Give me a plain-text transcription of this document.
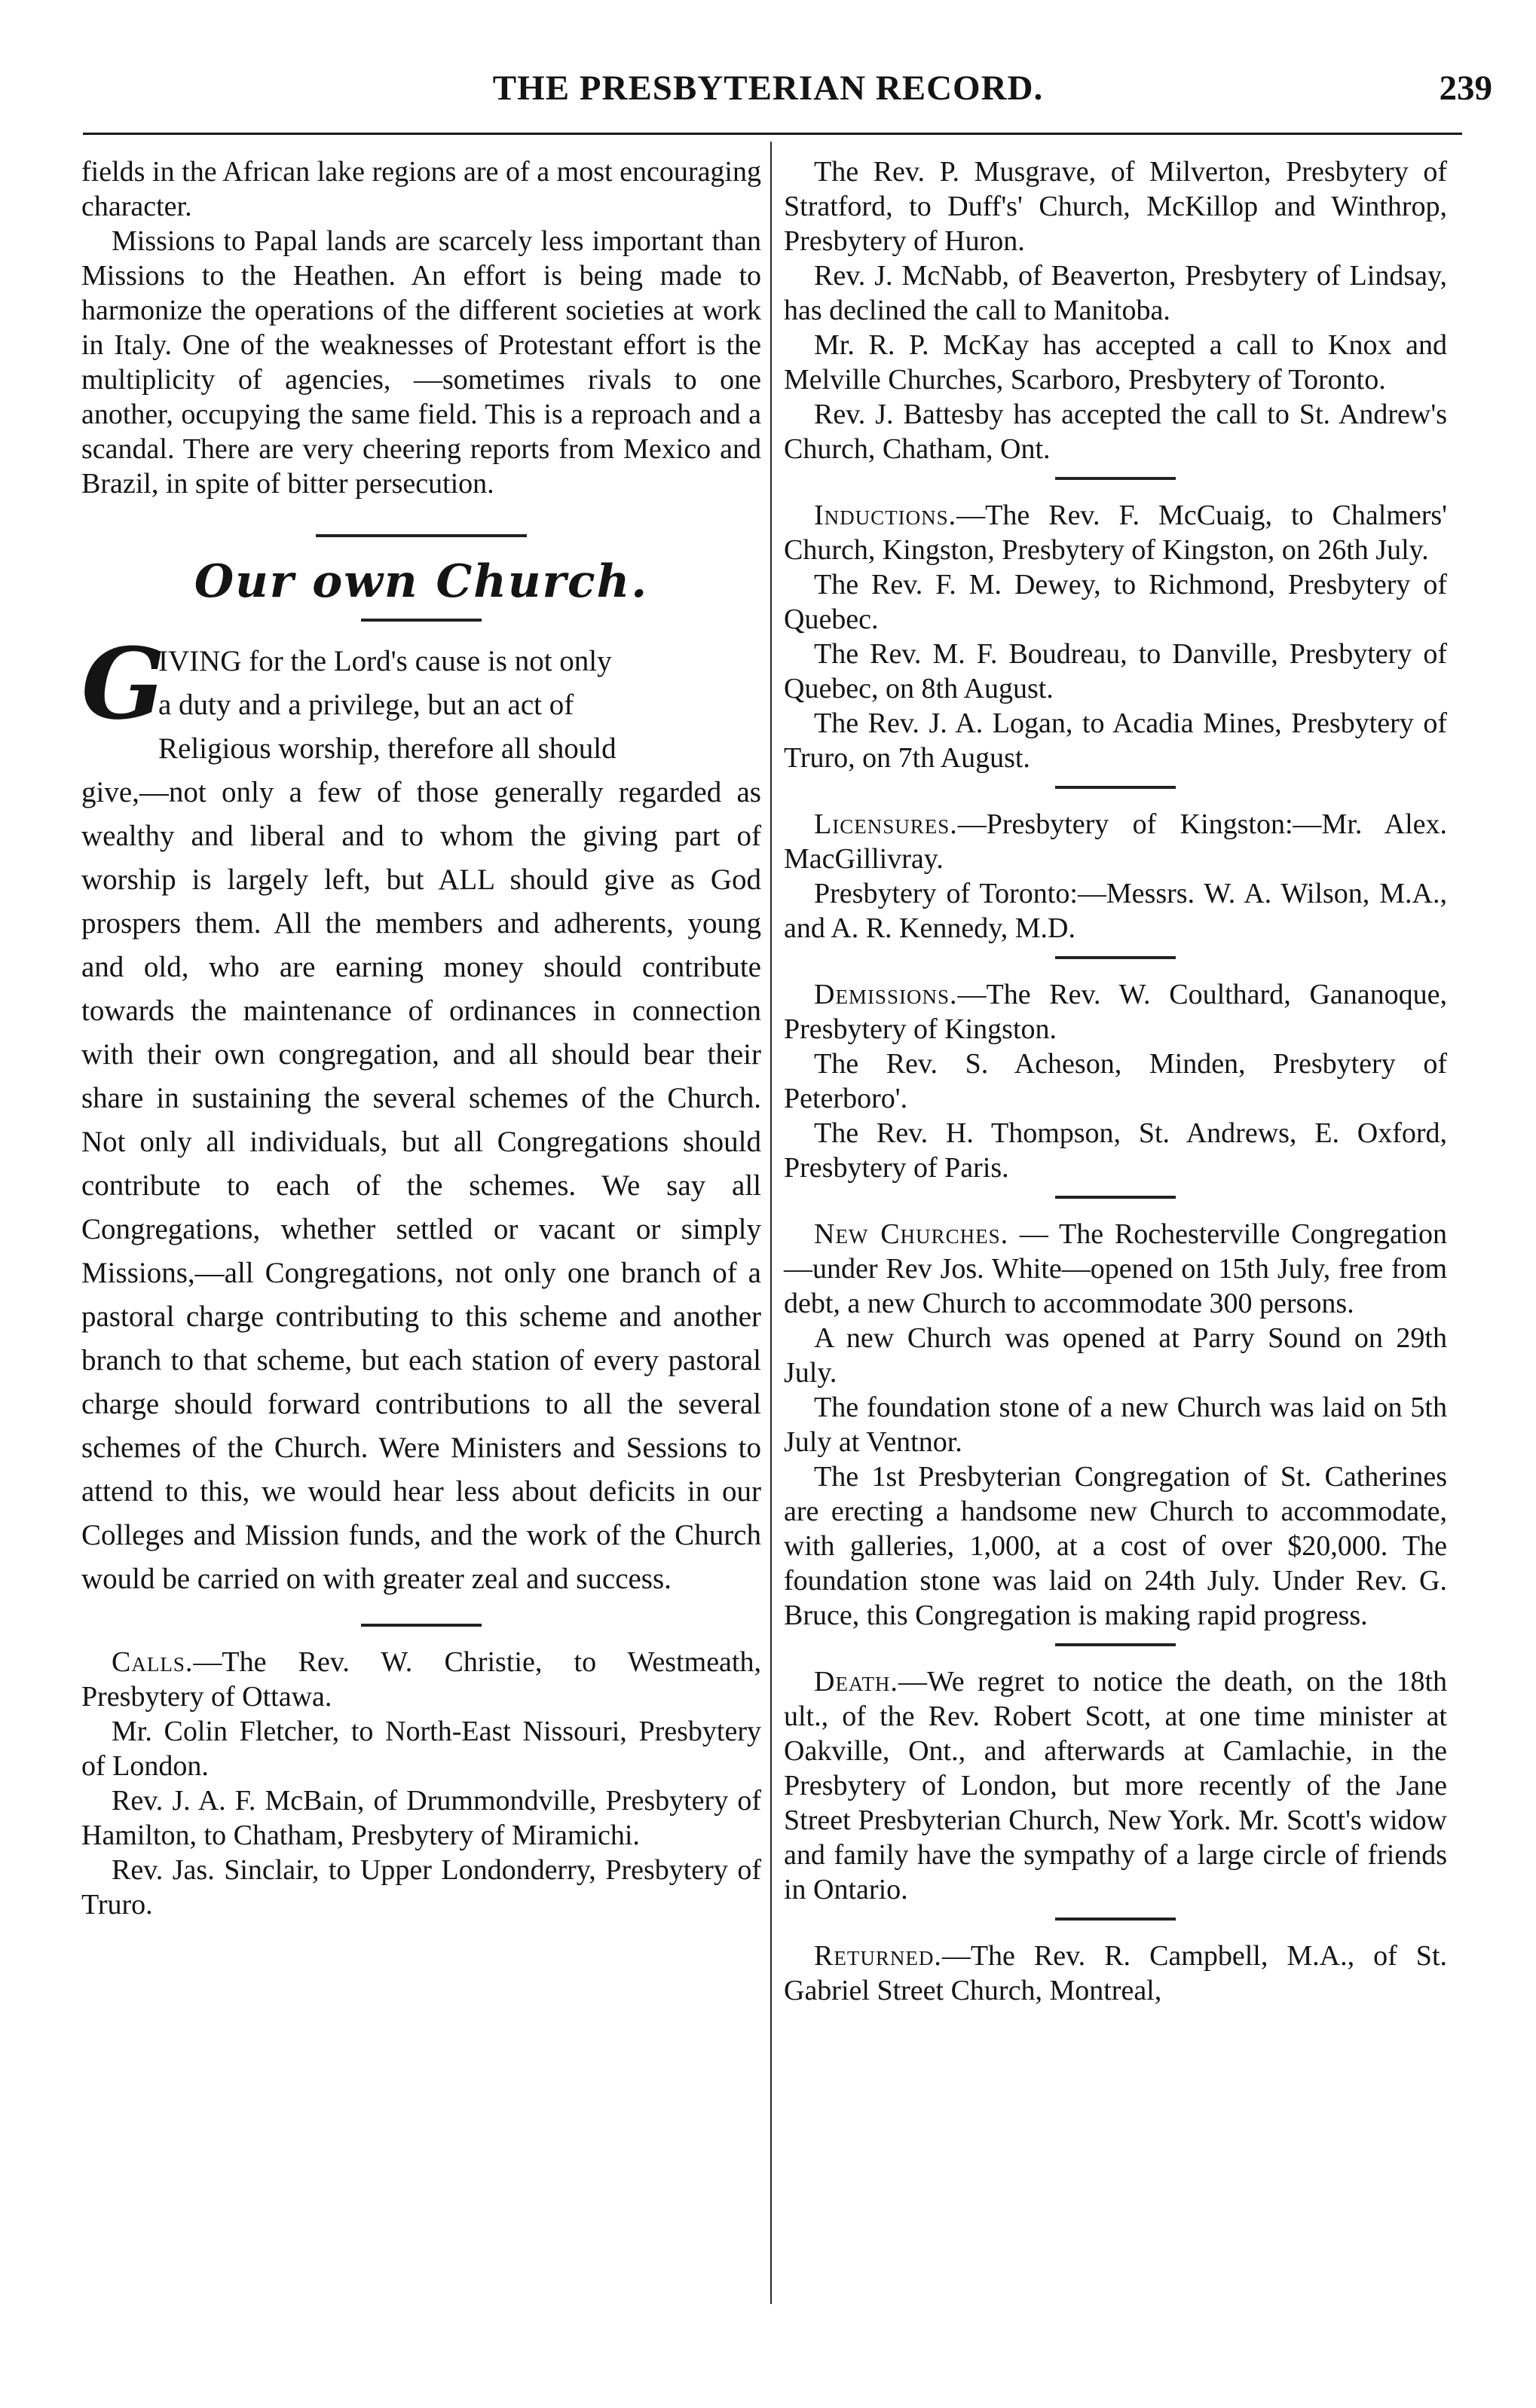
THE PRESBYTERIAN RECORD.	239

fields in the African lake regions are of a most encouraging character.

Missions to Papal lands are scarcely less important than Missions to the Heathen. An effort is being made to harmonize the operations of the different societies at work in Italy. One of the weaknesses of Protestant effort is the multiplicity of agencies, —sometimes rivals to one another, occupying the same field. This is a reproach and a scandal. There are very cheering reports from Mexico and Brazil, in spite of bitter persecution.

Our own Church.
G
IVING for the Lord's cause is not only
a duty and a privilege, but an act of
Religious worship, therefore all should
give,—not only a few of those generally regarded as wealthy and liberal and to whom the giving part of worship is largely left, but ALL should give as God prospers them. All the members and adherents, young and old, who are earning money should contribute towards the maintenance of ordinances in connection with their own congregation, and all should bear their share in sustaining the several schemes of the Church. Not only all individuals, but all Congregations should contribute to each of the schemes. We say all Congregations, whether settled or vacant or simply Missions,—all Congregations, not only one branch of a pastoral charge contributing to this scheme and another branch to that scheme, but each station of every pastoral charge should forward contributions to all the several schemes of the Church. Were Ministers and Sessions to attend to this, we would hear less about deficits in our Colleges and Mission funds, and the work of the Church would be carried on with greater zeal and success.

Calls.—The Rev. W. Christie, to Westmeath, Presbytery of Ottawa.

Mr. Colin Fletcher, to North-East Nissouri, Presbytery of London.

Rev. J. A. F. McBain, of Drummondville, Presbytery of Hamilton, to Chatham, Presbytery of Miramichi.

Rev. Jas. Sinclair, to Upper Londonderry, Presbytery of Truro.

The Rev. P. Musgrave, of Milverton, Presbytery of Stratford, to Duff's' Church, McKillop and Winthrop, Presbytery of Huron.

Rev. J. McNabb, of Beaverton, Presbytery of Lindsay, has declined the call to Manitoba.

Mr. R. P. McKay has accepted a call to Knox and Melville Churches, Scarboro, Presbytery of Toronto.

Rev. J. Battesby has accepted the call to St. Andrew's Church, Chatham, Ont.

Inductions.—The Rev. F. McCuaig, to Chalmers' Church, Kingston, Presbytery of Kingston, on 26th July.

The Rev. F. M. Dewey, to Richmond, Presbytery of Quebec.

The Rev. M. F. Boudreau, to Danville, Presbytery of Quebec, on 8th August.

The Rev. J. A. Logan, to Acadia Mines, Presbytery of Truro, on 7th August.

Licensures.—Presbytery of Kingston:—Mr. Alex. MacGillivray.

Presbytery of Toronto:—Messrs. W. A. Wilson, M.A., and A. R. Kennedy, M.D.

Demissions.—The Rev. W. Coulthard, Gananoque, Presbytery of Kingston.

The Rev. S. Acheson, Minden, Presbytery of Peterboro'.

The Rev. H. Thompson, St. Andrews, E. Oxford, Presbytery of Paris.

New Churches. — The Rochesterville Congregation—under Rev Jos. White—opened on 15th July, free from debt, a new Church to accommodate 300 persons.

A new Church was opened at Parry Sound on 29th July.

The foundation stone of a new Church was laid on 5th July at Ventnor.

The 1st Presbyterian Congregation of St. Catherines are erecting a handsome new Church to accommodate, with galleries, 1,000, at a cost of over $20,000. The foundation stone was laid on 24th July. Under Rev. G. Bruce, this Congregation is making rapid progress.

Death.—We regret to notice the death, on the 18th ult., of the Rev. Robert Scott, at one time minister at Oakville, Ont., and afterwards at Camlachie, in the Presbytery of London, but more recently of the Jane Street Presbyterian Church, New York. Mr. Scott's widow and family have the sympathy of a large circle of friends in Ontario.

Returned.—The Rev. R. Campbell, M.A., of St. Gabriel Street Church, Montreal,
